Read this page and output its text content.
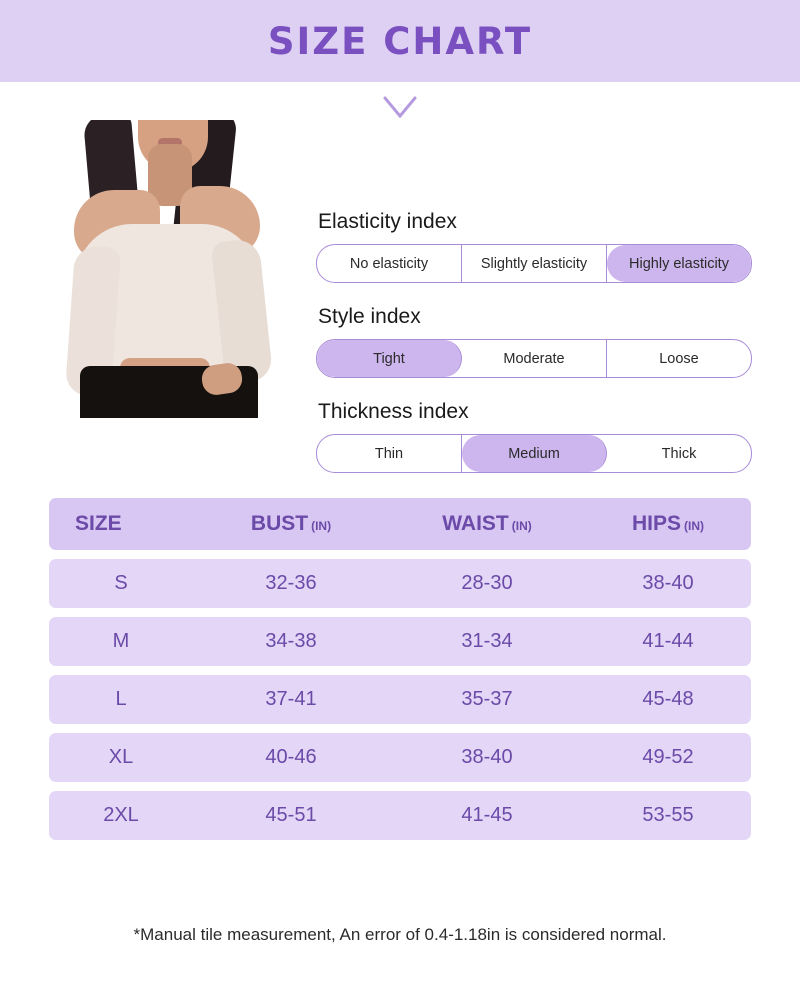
SIZE CHART
Elasticity index
No elasticity	Slightly elasticity	Highly elasticity
Style index
Tight	Moderate	Loose
Thickness index
Thin	Medium	Thick
SIZE	BUST (IN)	WAIST (IN)	HIPS (IN)
S	32-36	28-30	38-40
M	34-38	31-34	41-44
L	37-41	35-37	45-48
XL	40-46	38-40	49-52
2XL	45-51	41-45	53-55
*Manual tile measurement, An error of 0.4-1.18in is considered normal.
